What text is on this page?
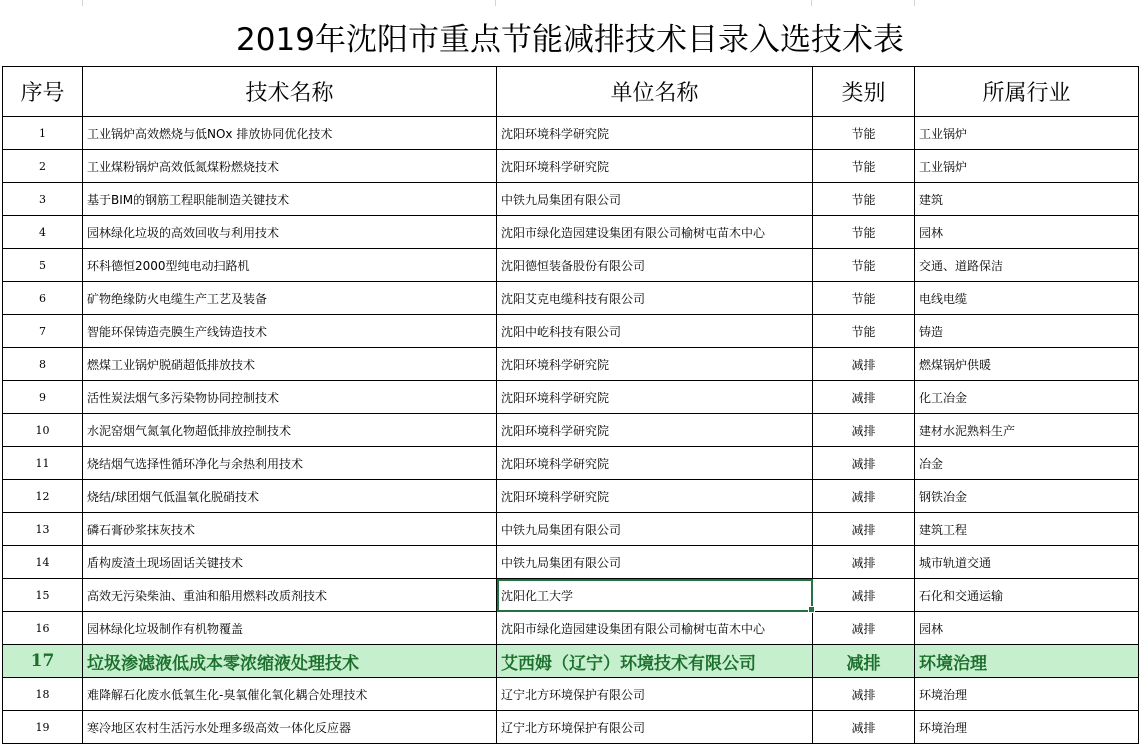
2019年沈阳市重点节能减排技术目录入选技术表
序号	技术名称	单位名称	类别	所属行业
1	工业锅炉高效燃烧与低NOx 排放协同优化技术	沈阳环境科学研究院	节能	工业锅炉
2	工业煤粉锅炉高效低氮煤粉燃烧技术	沈阳环境科学研究院	节能	工业锅炉
3	基于BIM的钢筋工程职能制造关键技术	中铁九局集团有限公司	节能	建筑
4	园林绿化垃圾的高效回收与利用技术	沈阳市绿化造园建设集团有限公司榆树屯苗木中心	节能	园林
5	环科德恒2000型纯电动扫路机	沈阳德恒装备股份有限公司	节能	交通、道路保洁
6	矿物绝缘防火电缆生产工艺及装备	沈阳艾克电缆科技有限公司	节能	电线电缆
7	智能环保铸造壳膜生产线铸造技术	沈阳中屹科技有限公司	节能	铸造
8	燃煤工业锅炉脱硝超低排放技术	沈阳环境科学研究院	减排	燃煤锅炉供暖
9	活性炭法烟气多污染物协同控制技术	沈阳环境科学研究院	减排	化工冶金
10	水泥窑烟气氮氧化物超低排放控制技术	沈阳环境科学研究院	减排	建材水泥熟料生产
11	烧结烟气选择性循环净化与余热利用技术	沈阳环境科学研究院	减排	冶金
12	烧结/球团烟气低温氧化脱硝技术	沈阳环境科学研究院	减排	钢铁冶金
13	磷石膏砂浆抹灰技术	中铁九局集团有限公司	减排	建筑工程
14	盾构废渣土现场固话关键技术	中铁九局集团有限公司	减排	城市轨道交通
15	高效无污染柴油、重油和船用燃料改质剂技术	沈阳化工大学	减排	石化和交通运输
16	园林绿化垃圾制作有机物覆盖	沈阳市绿化造园建设集团有限公司榆树屯苗木中心	减排	园林
17	垃圾渗滤液低成本零浓缩液处理技术	艾西姆（辽宁）环境技术有限公司	减排	环境治理
18	难降解石化废水低氧生化-臭氧催化氧化耦合处理技术	辽宁北方环境保护有限公司	减排	环境治理
19	寒冷地区农村生活污水处理多级高效一体化反应器	辽宁北方环境保护有限公司	减排	环境治理
